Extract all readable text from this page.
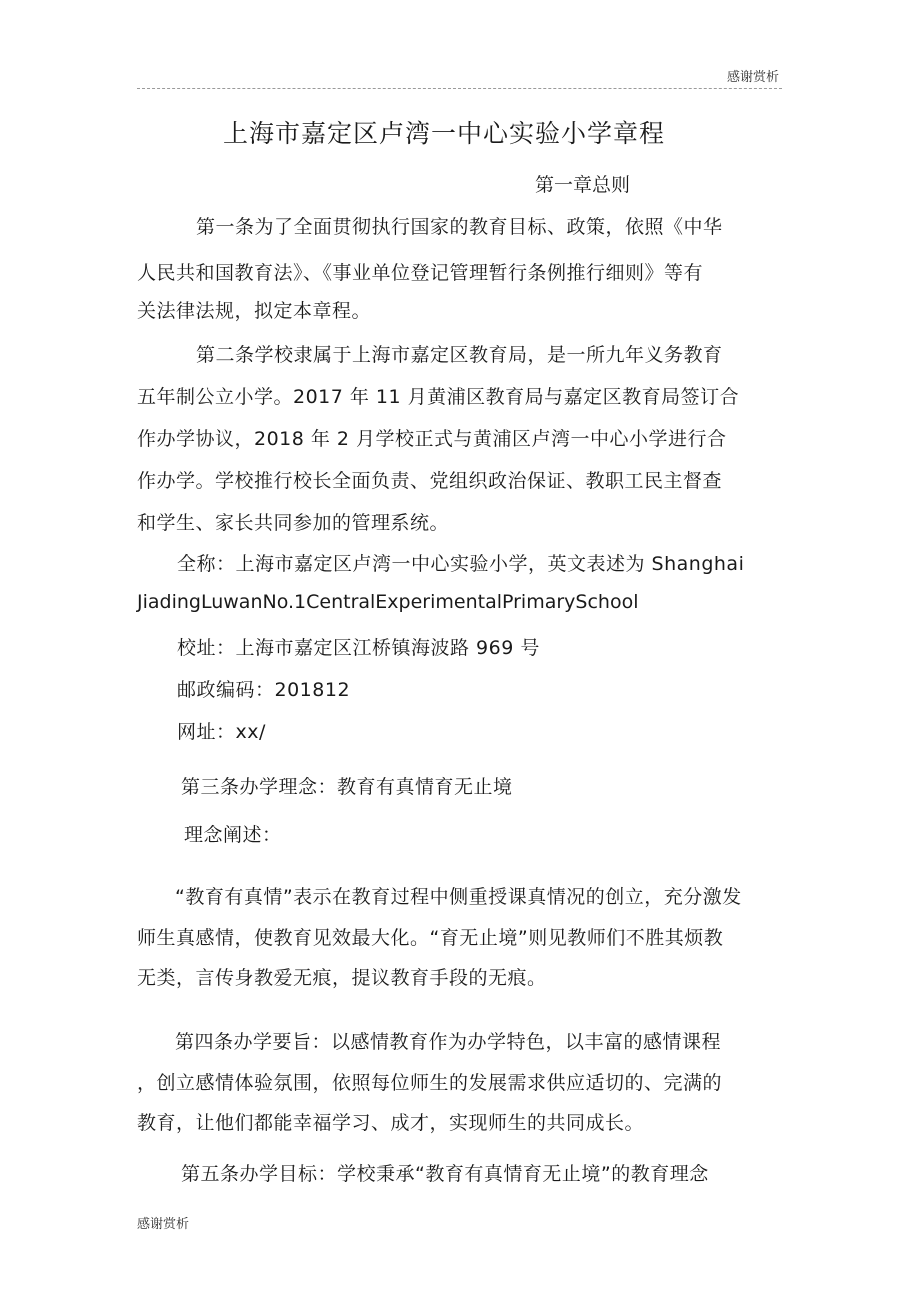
感谢赏析
上海市嘉定区卢湾一中心实验小学章程
第一章总则
第一条为了全面贯彻执行国家的教育目标、政策，依照《中华
人民共和国教育法》、《事业单位登记管理暂行条例推行细则》等有
关法律法规，拟定本章程。
第二条学校隶属于上海市嘉定区教育局，是一所九年义务教育
五年制公立小学。2017 年 11 月黄浦区教育局与嘉定区教育局签订合
作办学协议，2018 年 2 月学校正式与黄浦区卢湾一中心小学进行合
作办学。学校推行校长全面负责、党组织政治保证、教职工民主督查
和学生、家长共同参加的管理系统。
全称：上海市嘉定区卢湾一中心实验小学，英文表述为 Shanghai
JiadingLuwanNo.1CentralExperimentalPrimarySchool
校址：上海市嘉定区江桥镇海波路 969 号
邮政编码：201812
网址：xx/
第三条办学理念：教育有真情育无止境
理念阐述：
“教育有真情”表示在教育过程中侧重授课真情况的创立，充分激发
师生真感情，使教育见效最大化。“育无止境”则见教师们不胜其烦教
无类，言传身教爱无痕，提议教育手段的无痕。
第四条办学要旨：以感情教育作为办学特色，以丰富的感情课程
，创立感情体验氛围，依照每位师生的发展需求供应适切的、完满的
教育，让他们都能幸福学习、成才，实现师生的共同成长。
第五条办学目标：学校秉承“教育有真情育无止境”的教育理念
感谢赏析
